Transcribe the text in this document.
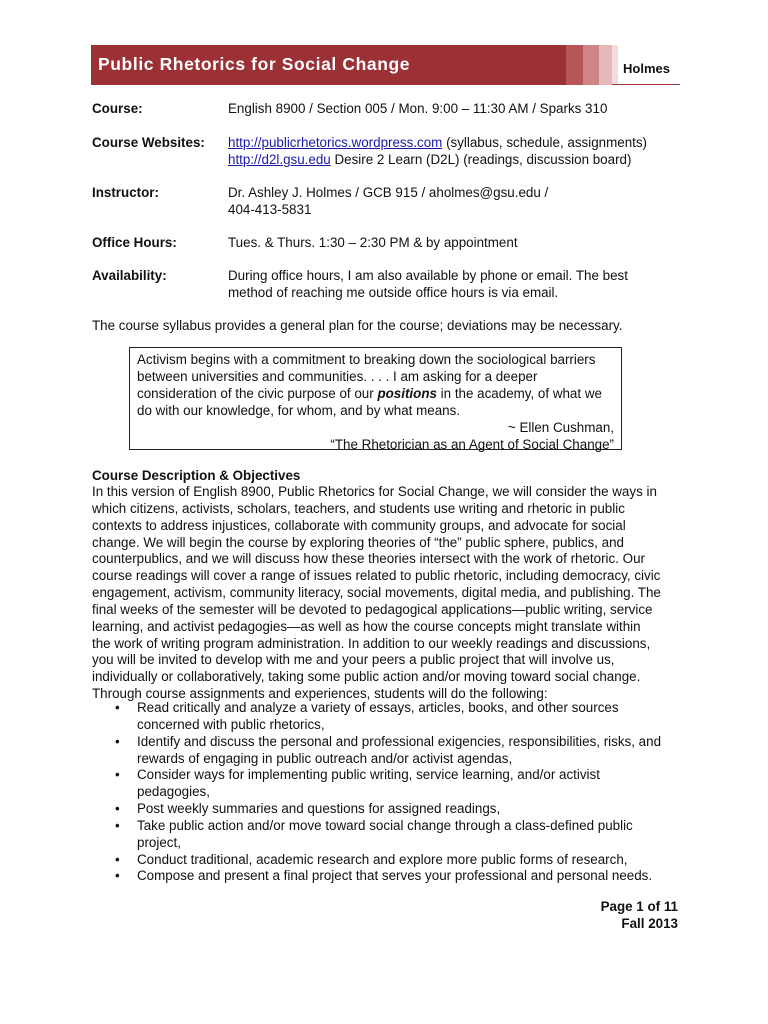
Public Rhetorics for Social Change	Holmes
Course:	English 8900 / Section 005 / Mon. 9:00 – 11:30 AM / Sparks 310
Course Websites: http://publicrhetorics.wordpress.com (syllabus, schedule, assignments)
http://d2l.gsu.edu Desire 2 Learn (D2L) (readings, discussion board)
Instructor:	Dr. Ashley J. Holmes / GCB 915 / aholmes@gsu.edu /
404-413-5831
Office Hours:	Tues. & Thurs. 1:30 – 2:30 PM & by appointment
Availability:	During office hours, I am also available by phone or email. The best
method of reaching me outside office hours is via email.
The course syllabus provides a general plan for the course; deviations may be necessary.
Activism begins with a commitment to breaking down the sociological barriers
between universities and communities. . . . I am asking for a deeper
consideration of the civic purpose of our positions in the academy, of what we
do with our knowledge, for whom, and by what means.
~ Ellen Cushman,
“The Rhetorician as an Agent of Social Change”
Course Description & Objectives
In this version of English 8900, Public Rhetorics for Social Change, we will consider the ways in
which citizens, activists, scholars, teachers, and students use writing and rhetoric in public
contexts to address injustices, collaborate with community groups, and advocate for social
change. We will begin the course by exploring theories of “the” public sphere, publics, and
counterpublics, and we will discuss how these theories intersect with the work of rhetoric. Our
course readings will cover a range of issues related to public rhetoric, including democracy, civic
engagement, activism, community literacy, social movements, digital media, and publishing. The
final weeks of the semester will be devoted to pedagogical applications—public writing, service
learning, and activist pedagogies—as well as how the course concepts might translate within
the work of writing program administration. In addition to our weekly readings and discussions,
you will be invited to develop with me and your peers a public project that will involve us,
individually or collaboratively, taking some public action and/or moving toward social change.
Through course assignments and experiences, students will do the following:
• Read critically and analyze a variety of essays, articles, books, and other sources
concerned with public rhetorics,
• Identify and discuss the personal and professional exigencies, responsibilities, risks, and
rewards of engaging in public outreach and/or activist agendas,
• Consider ways for implementing public writing, service learning, and/or activist
pedagogies,
• Post weekly summaries and questions for assigned readings,
• Take public action and/or move toward social change through a class-defined public
project,
• Conduct traditional, academic research and explore more public forms of research,
• Compose and present a final project that serves your professional and personal needs.
Page 1 of 11
Fall 2013
